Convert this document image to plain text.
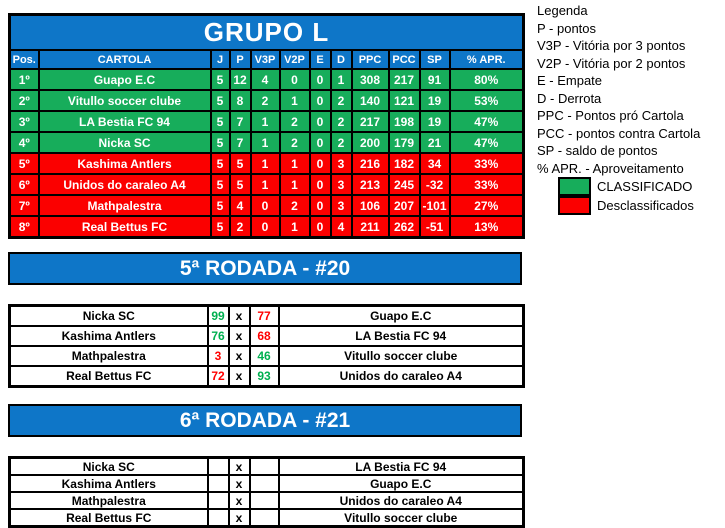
GRUPO L											
Pos.	CARTOLA	J	P	V3P	V2P	E	D	PPC	PCC	SP	% APR.
1º	Guapo E.C	5	12	4	0	0	1	308	217	91	80%
2º	Vitullo soccer clube	5	8	2	1	0	2	140	121	19	53%
3º	LA Bestia FC 94	5	7	1	2	0	2	217	198	19	47%
4º	Nicka SC	5	7	1	2	0	2	200	179	21	47%
5º	Kashima Antlers	5	5	1	1	0	3	216	182	34	33%
6º	Unidos do caraleo A4	5	5	1	1	0	3	213	245	-32	33%
7º	Mathpalestra	5	4	0	2	0	3	106	207	-101	27%
8º	Real Bettus FC	5	2	0	1	0	4	211	262	-51	13%
5ª RODADA - #20
Nicka SC	99	x	77	Guapo E.C
Kashima Antlers	76	x	68	LA Bestia FC 94
Mathpalestra	3	x	46	Vitullo soccer clube
Real Bettus FC	72	x	93	Unidos do caraleo A4
6ª RODADA - #21
Nicka SC		x		LA Bestia FC 94
Kashima Antlers		x		Guapo E.C
Mathpalestra		x		Unidos do caraleo A4
Real Bettus FC		x		Vitullo soccer clube
Legenda
P - pontos
V3P - Vitória por 3 pontos
V2P - Vitória por 2 pontos
E - Empate
D - Derrota
PPC - Pontos pró Cartola
PCC - pontos contra Cartola
SP - saldo de pontos
% APR. - Aproveitamento
CLASSIFICADO
Desclassificados
